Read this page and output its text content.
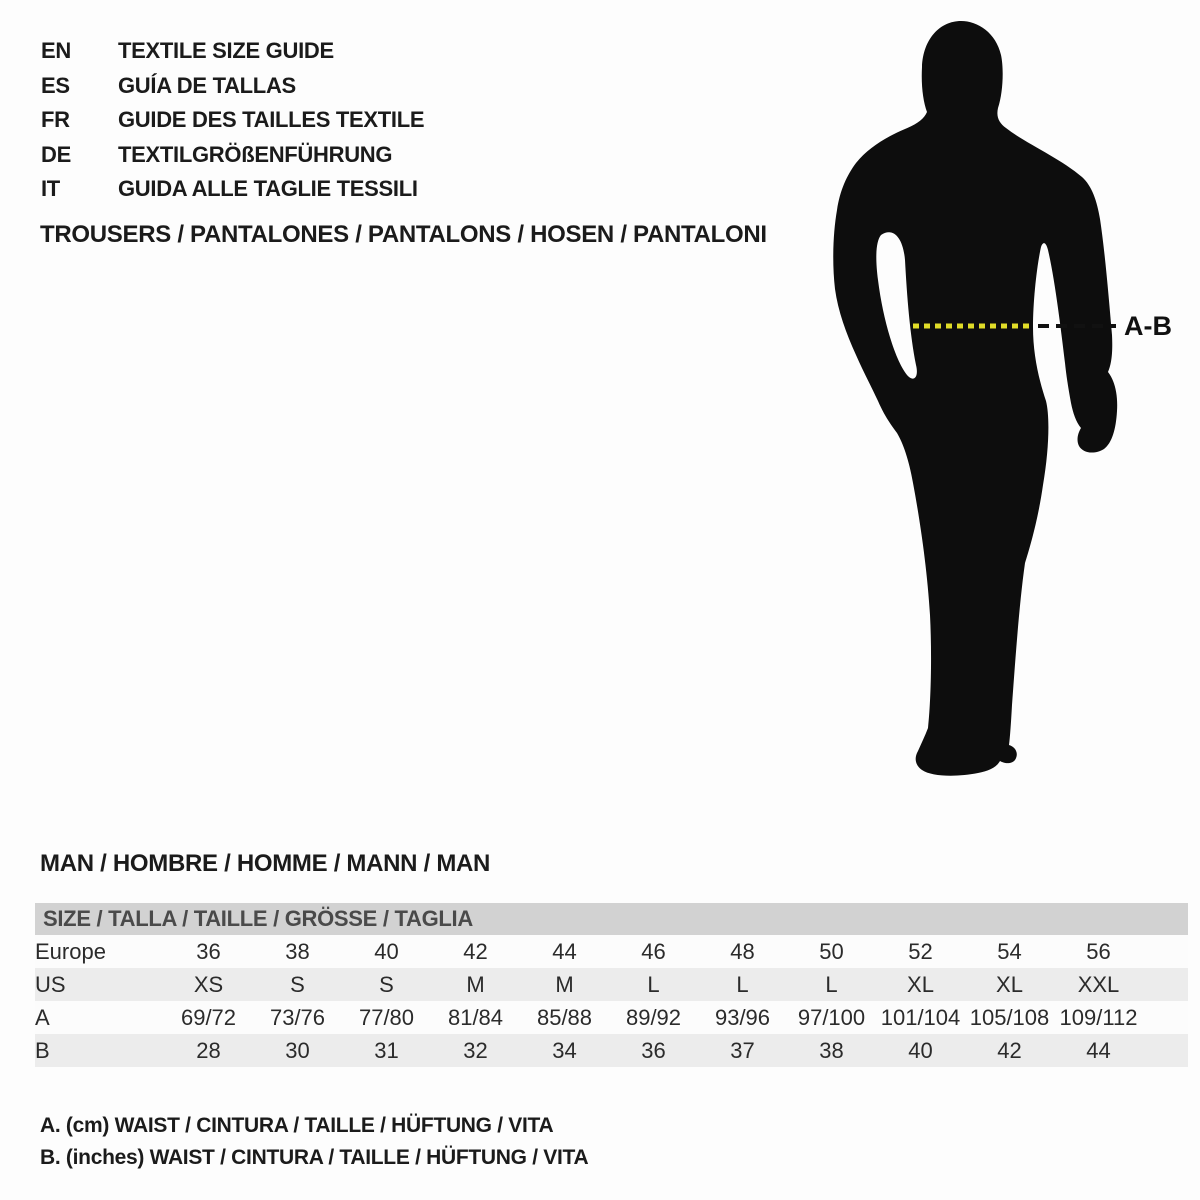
EN	TEXTILE SIZE GUIDE
ES	GUÍA DE TALLAS
FR	GUIDE DES TAILLES TEXTILE
DE	TEXTILGRÖßENFÜHRUNG
IT	GUIDA ALLE TAGLIE TESSILI
TROUSERS / PANTALONES / PANTALONS / HOSEN / PANTALONI
A-B
MAN / HOMBRE / HOMME / MANN / MAN
SIZE / TALLA / TAILLE / GRÖSSE / TAGLIA
Europe	36	38	40	42	44	46	48	50	52	54	56	
US	XS	S	S	M	M	L	L	L	XL	XL	XXL	
A	69/72	73/76	77/80	81/84	85/88	89/92	93/96	97/100	101/104	105/108	109/112	
B	28	30	31	32	34	36	37	38	40	42	44	
A. (cm) WAIST / CINTURA / TAILLE / HÜFTUNG / VITA
B. (inches) WAIST / CINTURA / TAILLE / HÜFTUNG / VITA
